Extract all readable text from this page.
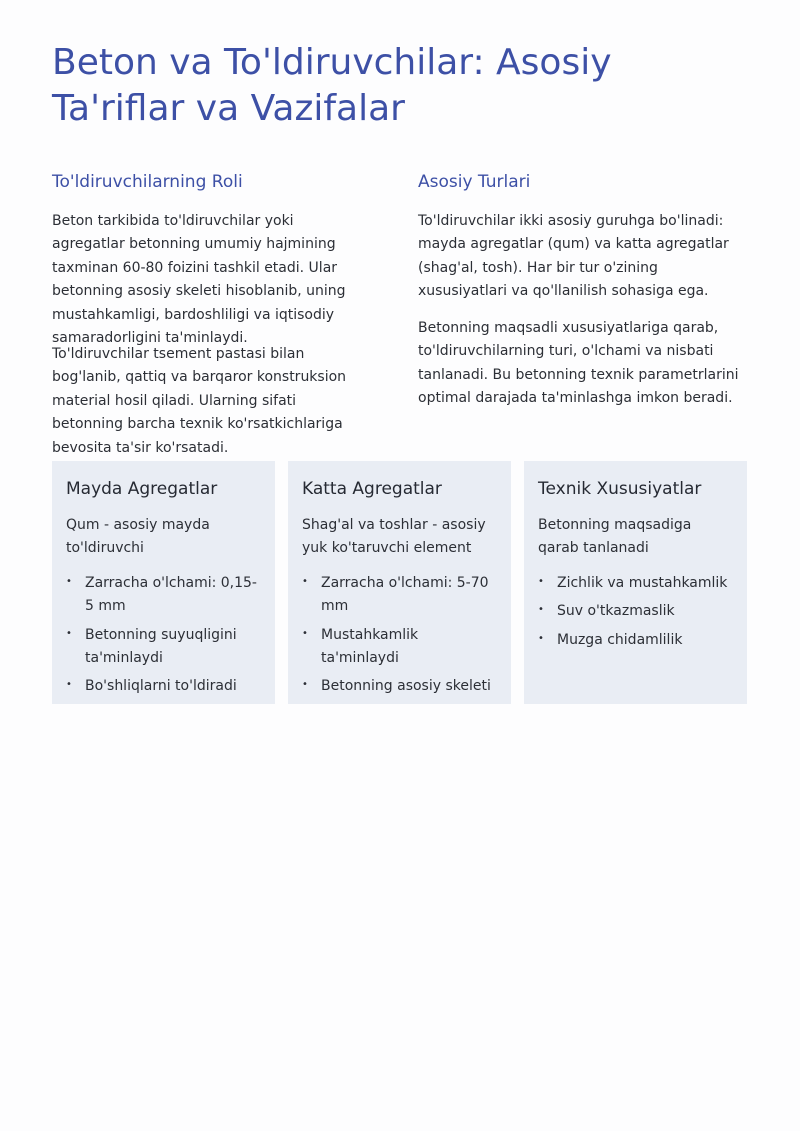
Beton va To'ldiruvchilar: Asosiy Ta'riflar va Vazifalar
To'ldiruvchilarning Roli

Beton tarkibida to'ldiruvchilar yoki agregatlar betonning umumiy hajmining taxminan 60-80 foizini tashkil etadi. Ular betonning asosiy skeleti hisoblanib, uning mustahkamligi, bardoshliligi va iqtisodiy samaradorligini ta'minlaydi.

To'ldiruvchilar tsement pastasi bilan bog'lanib, qattiq va barqaror konstruksion material hosil qiladi. Ularning sifati betonning barcha texnik ko'rsatkichlariga bevosita ta'sir ko'rsatadi.

Asosiy Turlari

To'ldiruvchilar ikki asosiy guruhga bo'linadi: mayda agregatlar (qum) va katta agregatlar (shag'al, tosh). Har bir tur o'zining xususiyatlari va qo'llanilish sohasiga ega.

Betonning maqsadli xususiyatlariga qarab, to'ldiruvchilarning turi, o'lchami va nisbati tanlanadi. Bu betonning texnik parametrlarini optimal darajada ta'minlashga imkon beradi.

Mayda Agregatlar

Qum - asosiy mayda to'ldiruvchi

• Zarracha o'lchami: 0,15-5 mm
• Betonning suyuqligini ta'minlaydi
• Bo'shliqlarni to'ldiradi
Katta Agregatlar

Shag'al va toshlar - asosiy yuk ko'taruvchi element

• Zarracha o'lchami: 5-70 mm
• Mustahkamlik ta'minlaydi
• Betonning asosiy skeleti
Texnik Xususiyatlar

Betonning maqsadiga qarab tanlanadi

• Zichlik va mustahkamlik
• Suv o'tkazmaslik
• Muzga chidamlilik
